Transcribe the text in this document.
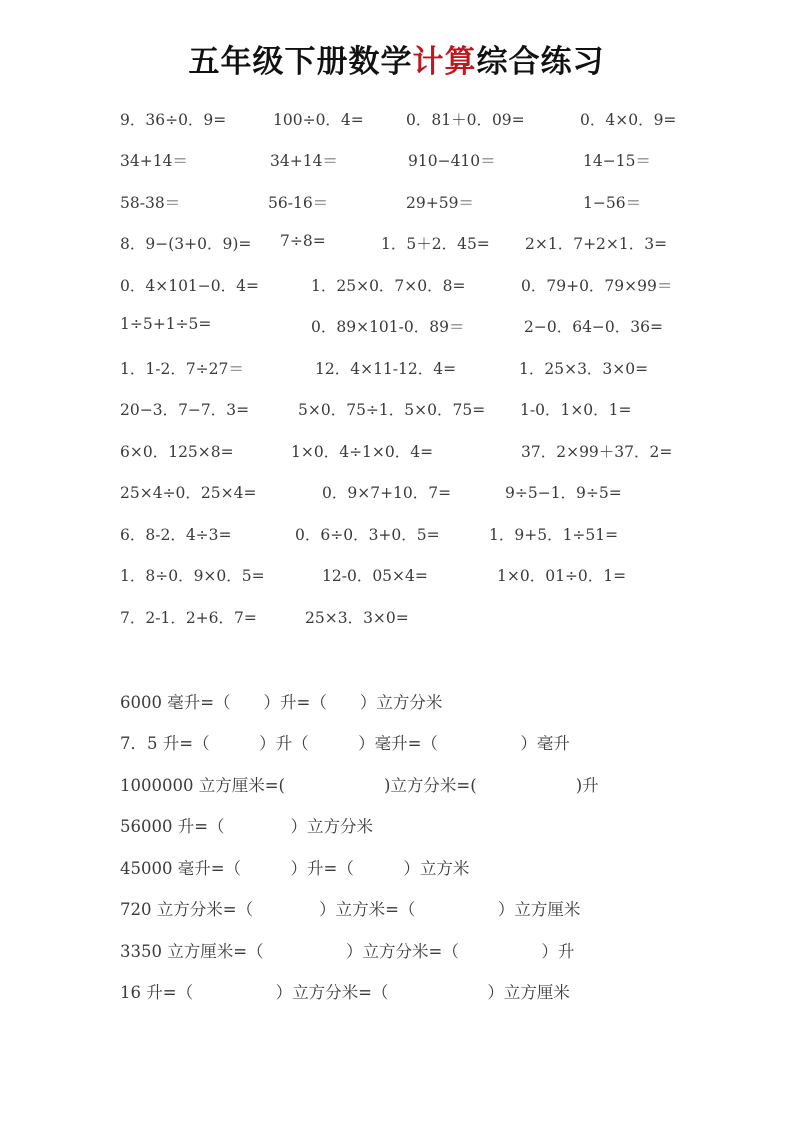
五年级下册数学计算综合练习
9．36÷0．9=	100÷0．4=	0．81＋0．09=	0．4×0．9=
34+14＝	34+14＝	910−410＝	14−15＝
58-38＝	56-16＝	29+59＝	1−56＝
8．9−(3+0．9)= 7÷8=	1．5＋2．45= 2×1．7+2×1．3=
0．4×101−0．4=	1．25×0．7×0．8=	0．79+0．79×99＝
1÷5+1÷5=	0．89×101-0．89＝	2−0．64−0．36=
1．1-2．7÷27＝	12．4×11-12．4=	1．25×3．3×0=
20−3．7−7．3=	5×0．75÷1．5×0．75= 1-0．1×0．1=
6×0．125×8=	1×0．4÷1×0．4=	37．2×99＋37．2=
25×4÷0．25×4=	0．9×7+10．7=	9÷5−1．9÷5=
6．8-2．4÷3=	0．6÷0．3+0．5=	1．9+5．1÷51=
1．8÷0．9×0．5=	12-0．05×4=	1×0．01÷0．1=
7．2-1．2+6．7=	25×3．3×0=
6000 毫升=（　　）升=（　　）立方分米
7．5 升=（　　　）升（　　　）毫升=（　　　　　）毫升
1000000 立方厘米=(　　　　　　)立方分米=(　　　　　　)升
56000 升=（　　　　）立方分米
45000 毫升=（　　　）升=（　　　）立方米
720 立方分米=（　　　　）立方米=（　　　　　）立方厘米
3350 立方厘米=（　　　　　）立方分米=（　　　　　）升
16 升=（　　　　　）立方分米=（　　　　　　）立方厘米
